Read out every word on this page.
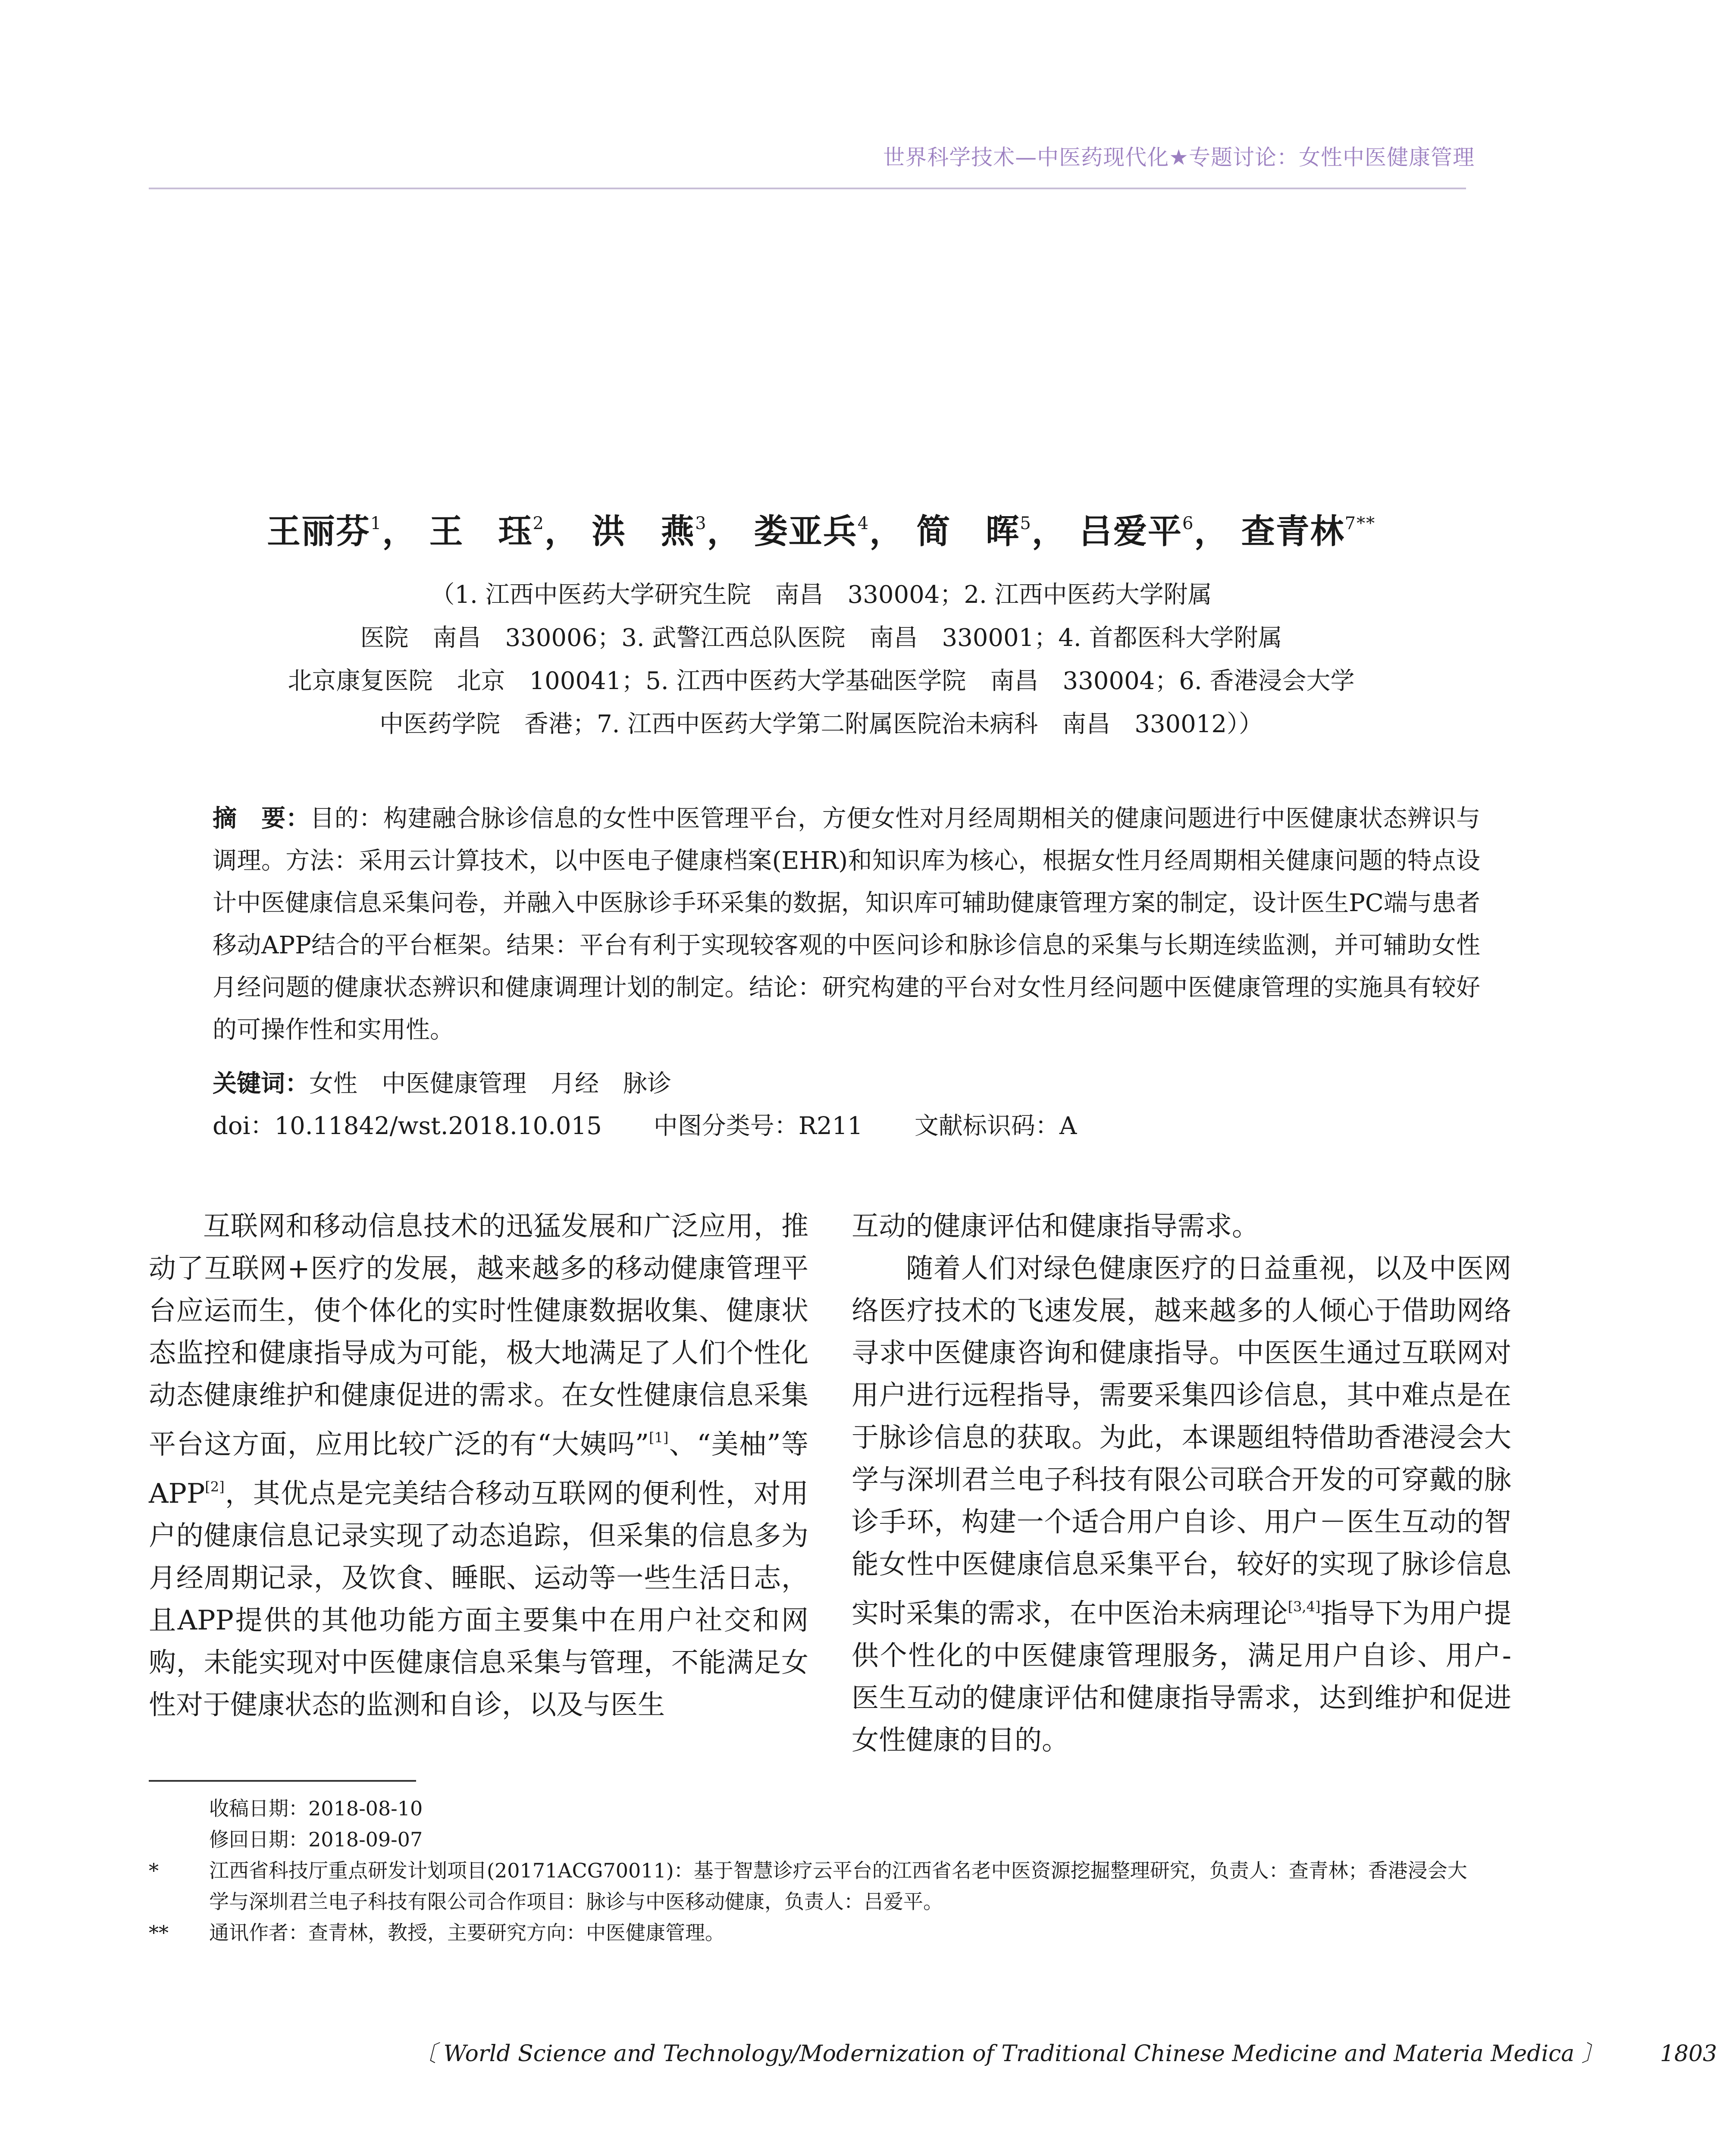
世界科学技术—中医药现代化★专题讨论：女性中医健康管理
王丽芬$^1$， 王　珏$^2$， 洪　燕$^3$， 娄亚兵$^4$， 简　晖$^5$， 吕爱平$^6$， 查青林$^{7**}$
（1. 江西中医药大学研究生院　南昌　330004；2. 江西中医药大学附属
医院　南昌　330006；3. 武警江西总队医院　南昌　330001；4. 首都医科大学附属
北京康复医院　北京　100041；5. 江西中医药大学基础医学院　南昌　330004；6. 香港浸会大学
中医药学院　香港；7. 江西中医药大学第二附属医院治未病科　南昌　330012））
摘　要：目的：构建融合脉诊信息的女性中医管理平台，方便女性对月经周期相关的健康问题进行中医健康状态辨识与调理。方法：采用云计算技术，以中医电子健康档案(EHR)和知识库为核心，根据女性月经周期相关健康问题的特点设计中医健康信息采集问卷，并融入中医脉诊手环采集的数据，知识库可辅助健康管理方案的制定，设计医生PC端与患者移动APP结合的平台框架。结果：平台有利于实现较客观的中医问诊和脉诊信息的采集与长期连续监测，并可辅助女性月经问题的健康状态辨识和健康调理计划的制定。结论：研究构建的平台对女性月经问题中医健康管理的实施具有较好的可操作性和实用性。
关键词：女性　中医健康管理　月经　脉诊
doi：10.11842/wst.2018.10.015 中图分类号：R211 文献标识码：A

互联网和移动信息技术的迅猛发展和广泛应用，推动了互联网+医疗的发展，越来越多的移动健康管理平台应运而生，使个体化的实时性健康数据收集、健康状态监控和健康指导成为可能，极大地满足了人们个性化动态健康维护和健康促进的需求。在女性健康信息采集平台这方面，应用比较广泛的有“大姨吗”[1]、“美柚”等APP[2]，其优点是完美结合移动互联网的便利性，对用户的健康信息记录实现了动态追踪，但采集的信息多为月经周期记录，及饮食、睡眠、运动等一些生活日志，且APP提供的其他功能方面主要集中在用户社交和网购，未能实现对中医健康信息采集与管理，不能满足女性对于健康状态的监测和自诊，以及与医生

互动的健康评估和健康指导需求。

随着人们对绿色健康医疗的日益重视，以及中医网络医疗技术的飞速发展，越来越多的人倾心于借助网络寻求中医健康咨询和健康指导。中医医生通过互联网对用户进行远程指导，需要采集四诊信息，其中难点是在于脉诊信息的获取。为此，本课题组特借助香港浸会大学与深圳君兰电子科技有限公司联合开发的可穿戴的脉诊手环，构建一个适合用户自诊、用户－医生互动的智能女性中医健康信息采集平台，较好的实现了脉诊信息实时采集的需求，在中医治未病理论[3,4]指导下为用户提供个性化的中医健康管理服务，满足用户自诊、用户-医生互动的健康评估和健康指导需求，达到维护和促进女性健康的目的。

收稿日期：2018-08-10
修回日期：2018-09-07
*	江西省科技厅重点研发计划项目(20171ACG70011)：基于智慧诊疗云平台的江西省名老中医资源挖掘整理研究，负责人：查青林；香港浸会大
学与深圳君兰电子科技有限公司合作项目：脉诊与中医移动健康，负责人：吕爱平。
**	通讯作者：查青林，教授，主要研究方向：中医健康管理。
〔 World Science and Technology/Modernization of Traditional Chinese Medicine and Materia Medica 〕	1803
